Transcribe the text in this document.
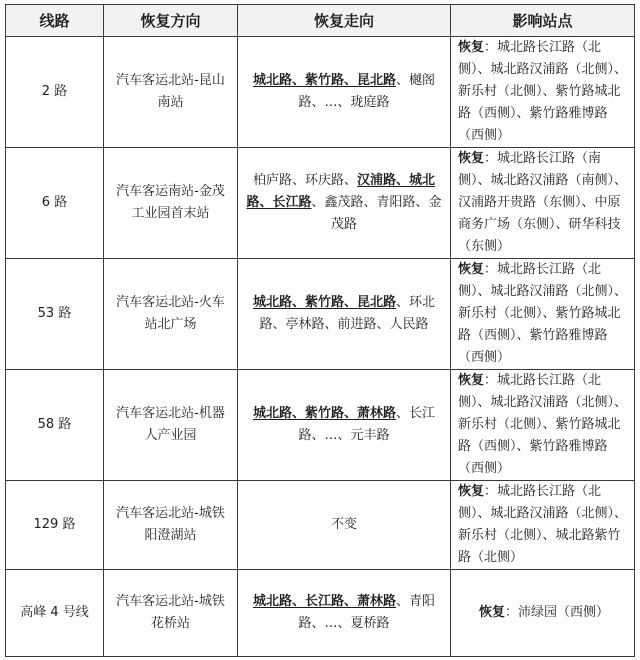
线路	恢复方向	恢复走向	影响站点
2 路	汽车客运北站-昆山南站	城北路、紫竹路、昆北路、樾阁路、…、珑庭路	恢复：城北路长江路（北侧）、城北路汉浦路（北侧）、新乐村（北侧）、紫竹路城北路（西侧）、紫竹路雅博路（西侧）
6 路	汽车客运南站-金茂工业园首末站	柏庐路、环庆路、汉浦路、城北路、长江路、鑫茂路、青阳路、金茂路	恢复：城北路长江路（南侧）、城北路汉浦路（南侧）、汉浦路开贵路（东侧）、中原商务广场（东侧）、研华科技（东侧）
53 路	汽车客运北站-火车站北广场	城北路、紫竹路、昆北路、环北路、亭林路、前进路、人民路	恢复：城北路长江路（北侧）、城北路汉浦路（北侧）、新乐村（北侧）、紫竹路城北路（西侧）、紫竹路雅博路（西侧）
58 路	汽车客运北站-机器人产业园	城北路、紫竹路、萧林路、长江路、…、元丰路	恢复：城北路长江路（北侧）、城北路汉浦路（北侧）、新乐村（北侧）、紫竹路城北路（西侧）、紫竹路雅博路（西侧）
129 路	汽车客运北站-城铁阳澄湖站	不变	恢复：城北路长江路（北侧）、城北路汉浦路（北侧）、新乐村（北侧）、城北路紫竹路（北侧）
高峰 4 号线	汽车客运北站-城铁花桥站	城北路、长江路、萧林路、青阳路、…、夏桥路	恢复：沛绿园（西侧）
